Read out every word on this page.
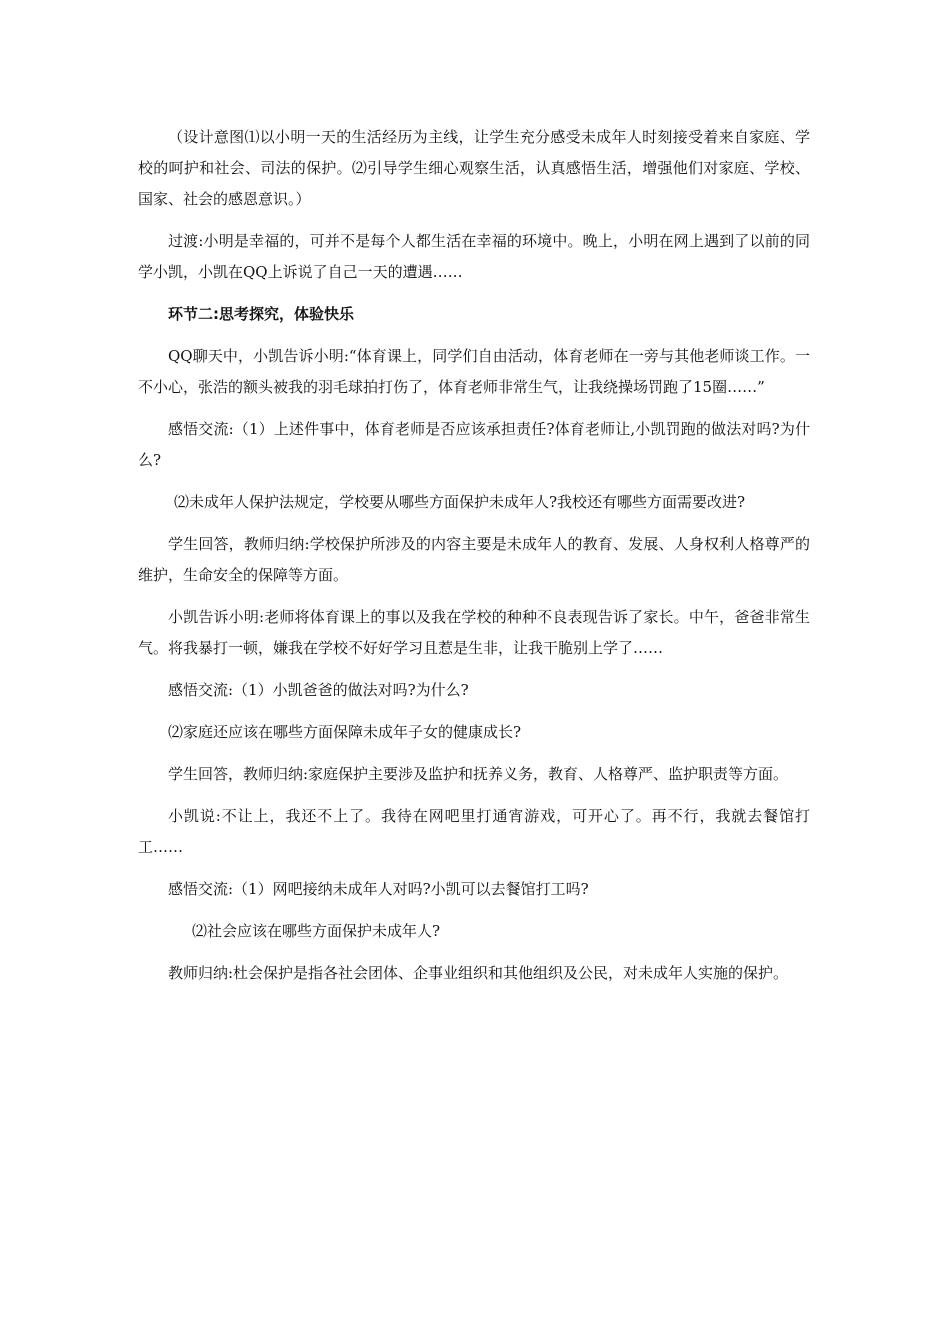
（设计意图⑴以小明一天的生活经历为主线，让学生充分感受未成年人时刻接受着来自家庭、学校的呵护和社会、司法的保护。⑵引导学生细心观察生活，认真感悟生活，增强他们对家庭、学校、国家、社会的感恩意识。）

过渡:小明是幸福的，可并不是每个人都生活在幸福的环境中。晚上，小明在网上遇到了以前的同学小凯，小凯在QQ上诉说了自己一天的遭遇……

环节二:思考探究，体验快乐

QQ聊天中，小凯告诉小明:“体育课上，同学们自由活动，体育老师在一旁与其他老师谈工作。一不小心，张浩的额头被我的羽毛球拍打伤了，体育老师非常生气，让我绕操场罚跑了15圈……”

感悟交流:（1）上述件事中，体育老师是否应该承担责任?体育老师让,小凯罚跑的做法对吗?为什么?

⑵未成年人保护法规定，学校要从哪些方面保护未成年人?我校还有哪些方面需要改进?

学生回答，教师归纳:学校保护所涉及的内容主要是未成年人的教育、发展、人身权利人格尊严的维护，生命安全的保障等方面。

小凯告诉小明:老师将体育课上的事以及我在学校的种种不良表现告诉了家长。中午，爸爸非常生气。将我暴打一顿，嫌我在学校不好好学习且惹是生非，让我干脆别上学了……

感悟交流:（1）小凯爸爸的做法对吗?为什么?

⑵家庭还应该在哪些方面保障未成年子女的健康成长?

学生回答，教师归纳:家庭保护主要涉及监护和抚养义务，教育、人格尊严、监护职责等方面。

小凯说:不让上，我还不上了。我待在网吧里打通宵游戏，可开心了。再不行，我就去餐馆打工……

感悟交流:（1）网吧接纳未成年人对吗?小凯可以去餐馆打工吗?

⑵社会应该在哪些方面保护未成年人?

教师归纳:杜会保护是指各社会团体、企事业组织和其他组织及公民，对未成年人实施的保护。
